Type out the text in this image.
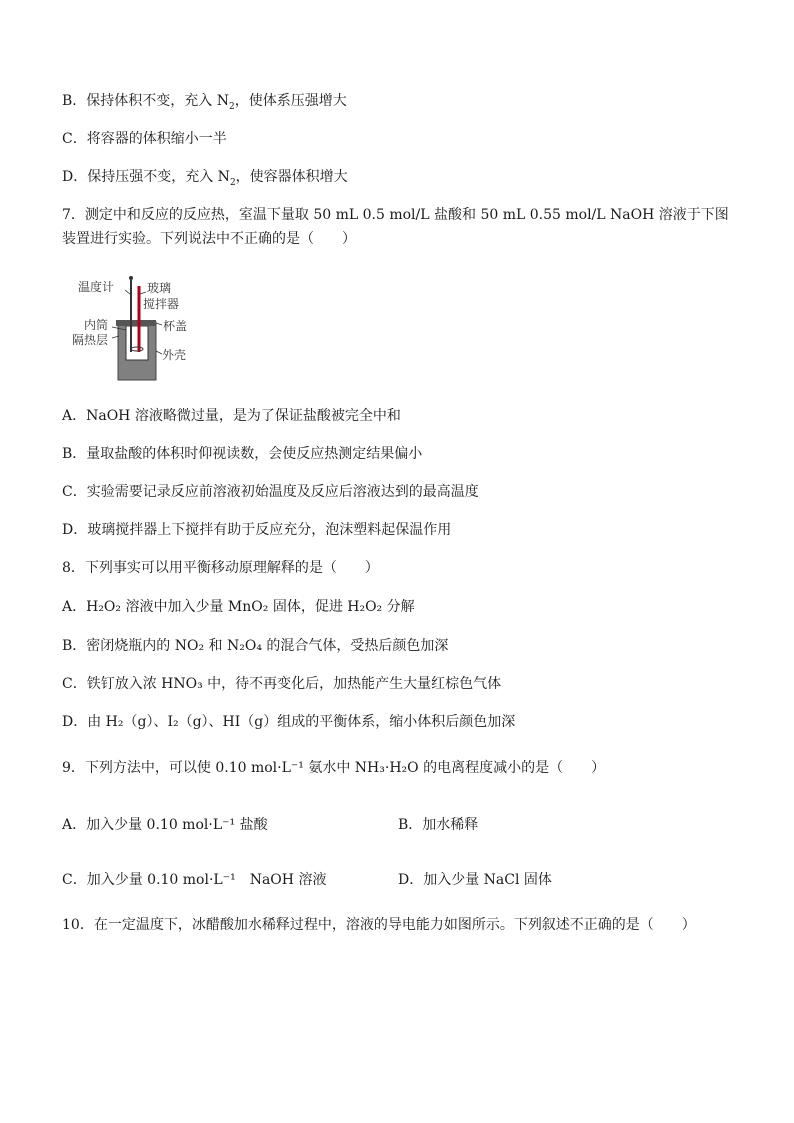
B．保持体积不变，充入 $N_2$，使体系压强增大
C．将容器的体积缩小一半
D．保持压强不变，充入 $N_2$，使容器体积增大
7．测定中和反应的反应热，室温下量取 50 mL 0.5 mol/L 盐酸和 50 mL 0.55 mol/L NaOH 溶液于下图装置进行实验。下列说法中不正确的是（　　）
温度计	玻璃
搅拌器
内筒	杯盖
隔热层
外壳
A．NaOH 溶液略微过量，是为了保证盐酸被完全中和
B．量取盐酸的体积时仰视读数，会使反应热测定结果偏小
C．实验需要记录反应前溶液初始温度及反应后溶液达到的最高温度
D．玻璃搅拌器上下搅拌有助于反应充分，泡沫塑料起保温作用
8．下列事实可以用平衡移动原理解释的是（　　）
A．H₂O₂ 溶液中加入少量 MnO₂ 固体，促进 H₂O₂ 分解
B．密闭烧瓶内的 NO₂ 和 N₂O₄ 的混合气体，受热后颜色加深
C．铁钉放入浓 HNO₃ 中，待不再变化后，加热能产生大量红棕色气体
D．由 H₂（g）、I₂（g）、HI（g）组成的平衡体系，缩小体积后颜色加深
9．下列方法中，可以使 0.10 mol·L⁻¹ 氨水中 NH₃·H₂O 的电离程度减小的是（　　）
A．加入少量 0.10 mol·L⁻¹ 盐酸	B．加水稀释
C．加入少量 0.10 mol·L⁻¹　NaOH 溶液	D．加入少量 NaCl 固体
10．在一定温度下，冰醋酸加水稀释过程中，溶液的导电能力如图所示。下列叙述不正确的是（　　）
